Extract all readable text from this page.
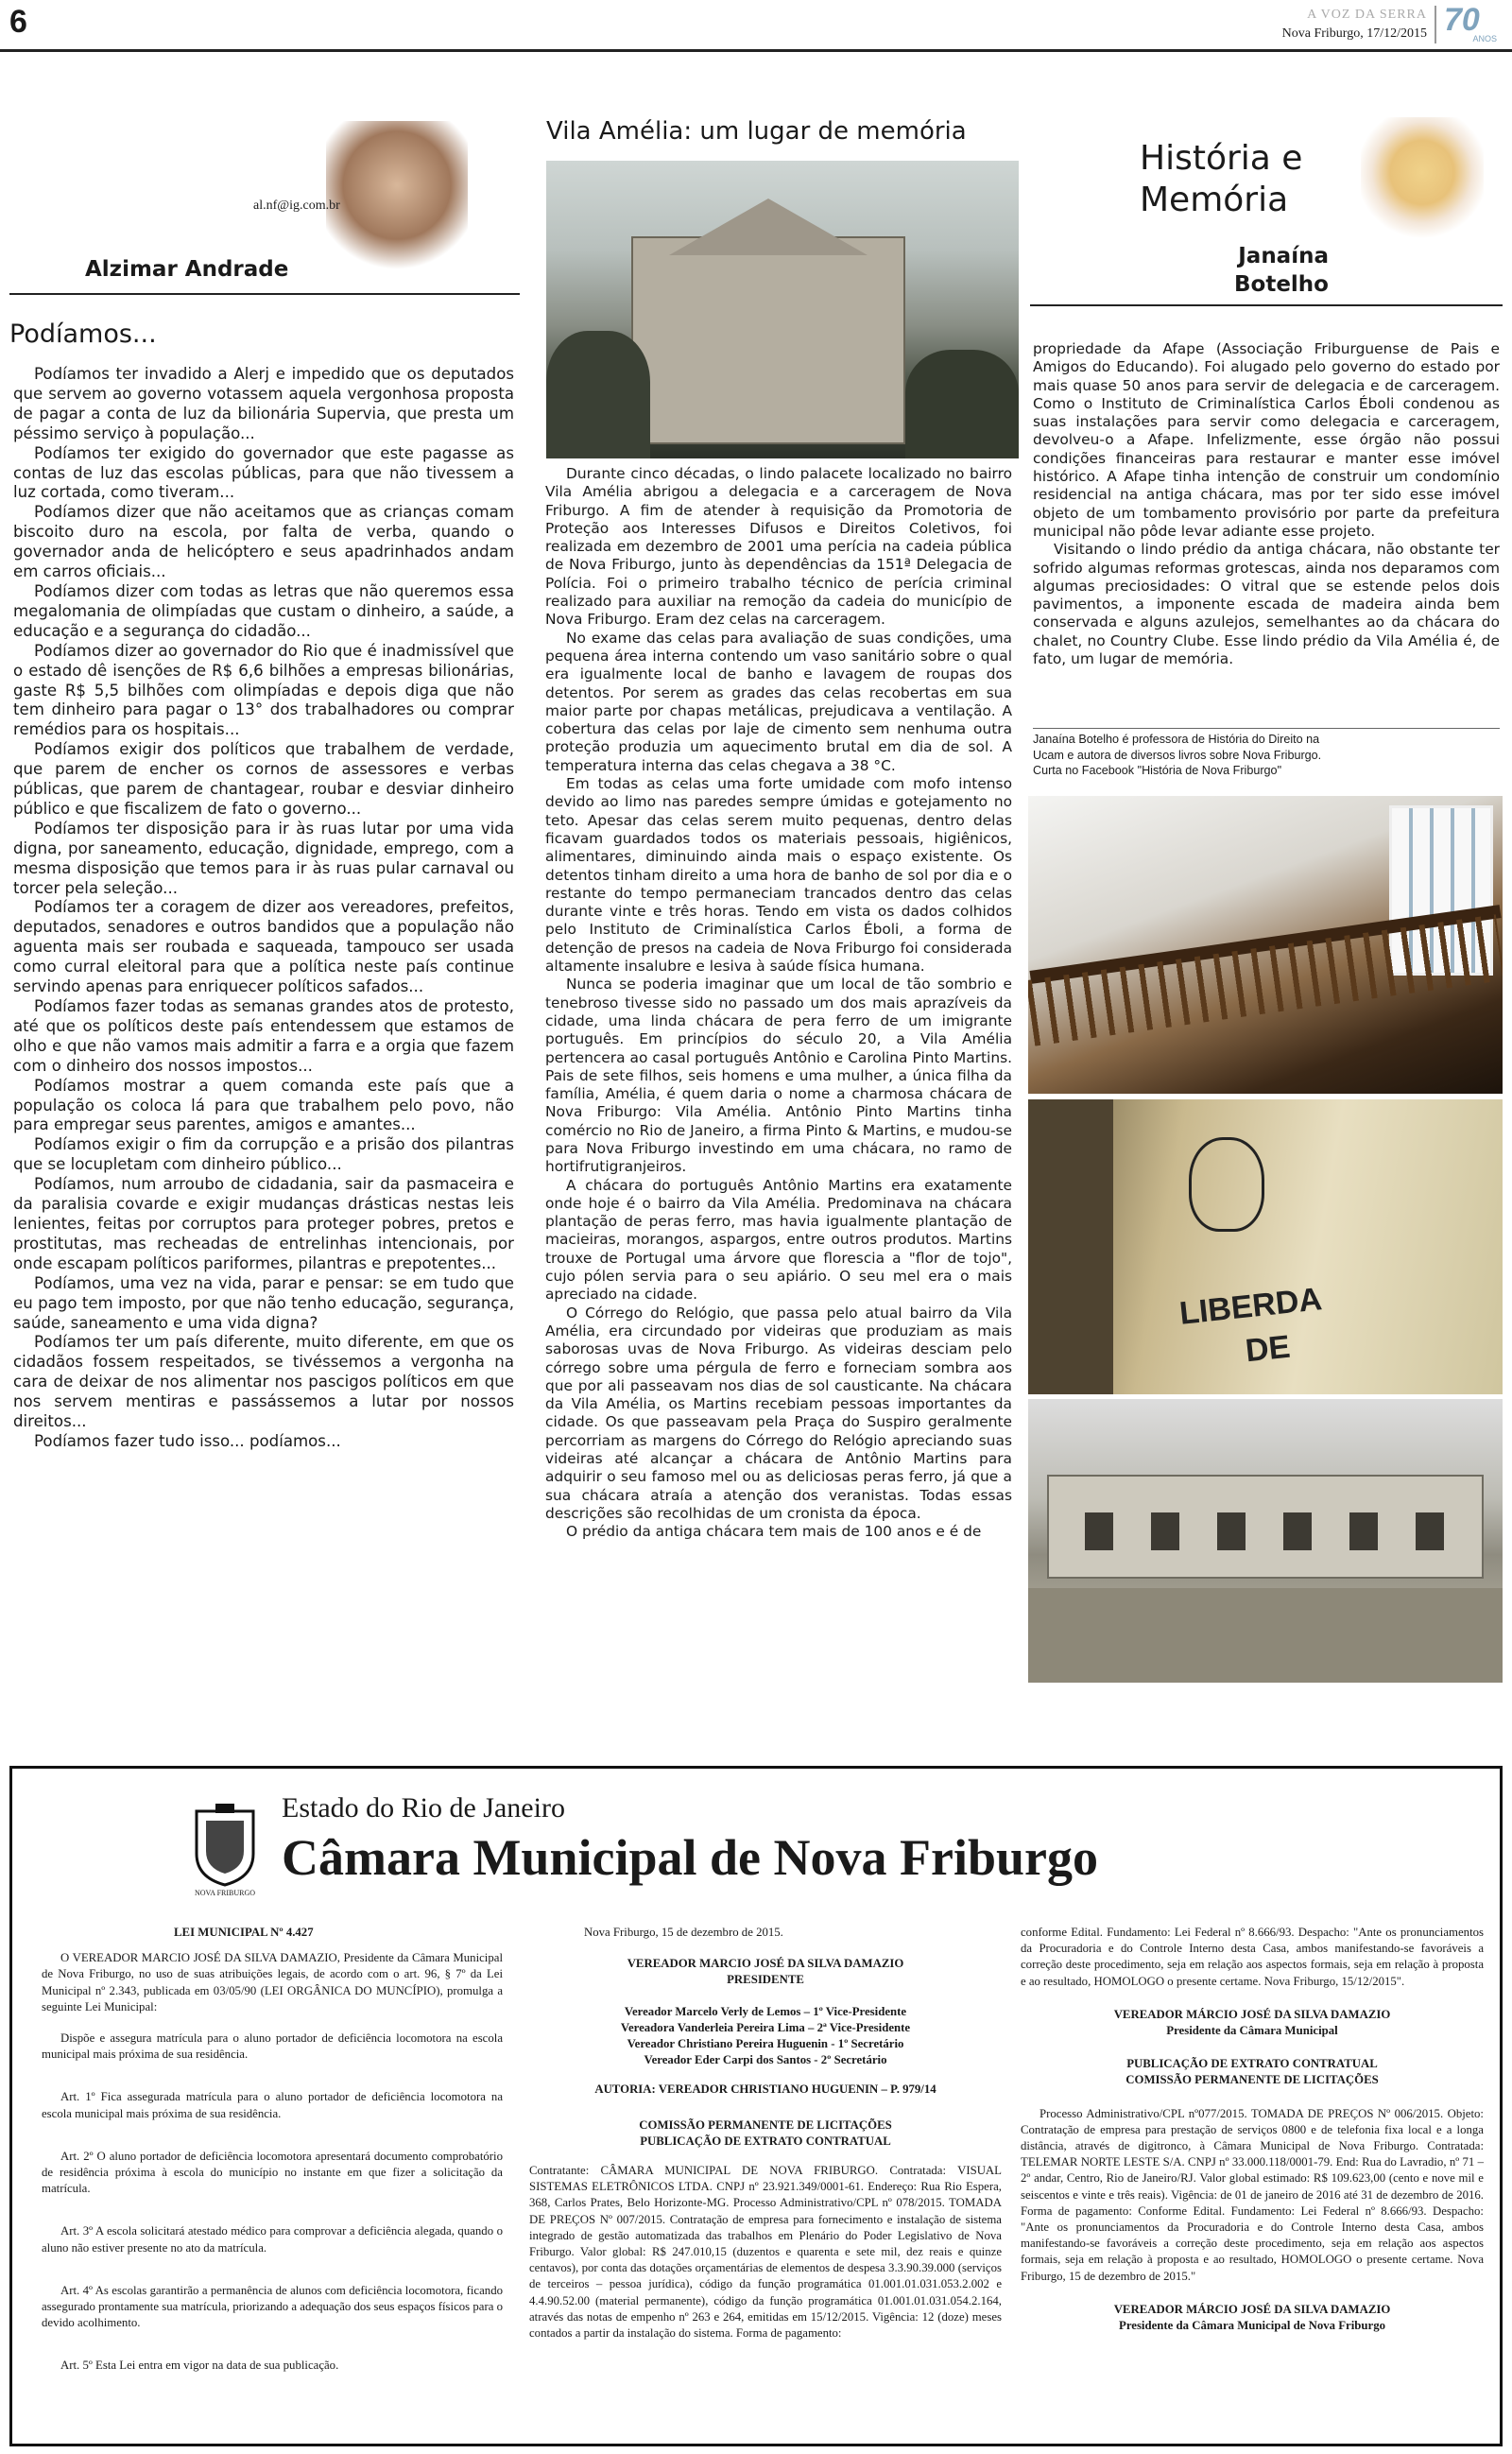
6	A VOZ DA SERRA
Nova Friburgo, 17/12/2015 70
ANOS
al.nf@ig.com.br
Alzimar Andrade
Podíamos...

Podíamos ter invadido a Alerj e impedido que os deputados que servem ao governo votassem aquela vergonhosa proposta de pagar a conta de luz da bilionária Supervia, que presta um péssimo serviço à população...

Podíamos ter exigido do governador que este pagasse as contas de luz das escolas públicas, para que não tivessem a luz cortada, como tiveram...

Podíamos dizer que não aceitamos que as crianças comam biscoito duro na escola, por falta de verba, quando o governador anda de helicóptero e seus apadrinhados andam em carros oficiais...

Podíamos dizer com todas as letras que não queremos essa megalomania de olimpíadas que custam o dinheiro, a saúde, a educação e a segurança do cidadão...

Podíamos dizer ao governador do Rio que é inadmissível que o estado dê isenções de R$ 6,6 bilhões a empresas bilionárias, gaste R$ 5,5 bilhões com olimpíadas e depois diga que não tem dinheiro para pagar o 13° dos trabalhadores ou comprar remédios para os hospitais...

Podíamos exigir dos políticos que trabalhem de verdade, que parem de encher os cornos de assessores e verbas públicas, que parem de chantagear, roubar e desviar dinheiro público e que fiscalizem de fato o governo...

Podíamos ter disposição para ir às ruas lutar por uma vida digna, por saneamento, educação, dignidade, emprego, com a mesma disposição que temos para ir às ruas pular carnaval ou torcer pela seleção...

Podíamos ter a coragem de dizer aos vereadores, prefeitos, deputados, senadores e outros bandidos que a população não aguenta mais ser roubada e saqueada, tampouco ser usada como curral eleitoral para que a política neste país continue servindo apenas para enriquecer políticos safados...

Podíamos fazer todas as semanas grandes atos de protesto, até que os políticos deste país entendessem que estamos de olho e que não vamos mais admitir a farra e a orgia que fazem com o dinheiro dos nossos impostos...

Podíamos mostrar a quem comanda este país que a população os coloca lá para que trabalhem pelo povo, não para empregar seus parentes, amigos e amantes...

Podíamos exigir o fim da corrupção e a prisão dos pilantras que se locupletam com dinheiro público...

Podíamos, num arroubo de cidadania, sair da pasmaceira e da paralisia covarde e exigir mudanças drásticas nestas leis lenientes, feitas por corruptos para proteger pobres, pretos e prostitutas, mas recheadas de entrelinhas intencionais, por onde escapam políticos pariformes, pilantras e prepotentes...

Podíamos, uma vez na vida, parar e pensar: se em tudo que eu pago tem imposto, por que não tenho educação, segurança, saúde, saneamento e uma vida digna?

Podíamos ter um país diferente, muito diferente, em que os cidadãos fossem respeitados, se tivéssemos a vergonha na cara de deixar de nos alimentar nos pascigos políticos em que nos servem mentiras e passássemos a lutar por nossos direitos...

Podíamos fazer tudo isso... podíamos...

Vila Amélia: um lugar de memória

Durante cinco décadas, o lindo palacete localizado no bairro Vila Amélia abrigou a delegacia e a carceragem de Nova Friburgo. A fim de atender à requisição da Promotoria de Proteção aos Interesses Difusos e Direitos Coletivos, foi realizada em dezembro de 2001 uma perícia na cadeia pública de Nova Friburgo, junto às dependências da 151ª Delegacia de Polícia. Foi o primeiro trabalho técnico de perícia criminal realizado para auxiliar na remoção da cadeia do município de Nova Friburgo. Eram dez celas na carceragem.

No exame das celas para avaliação de suas condições, uma pequena área interna contendo um vaso sanitário sobre o qual era igualmente local de banho e lavagem de roupas dos detentos. Por serem as grades das celas recobertas em sua maior parte por chapas metálicas, prejudicava a ventilação. A cobertura das celas por laje de cimento sem nenhuma outra proteção produzia um aquecimento brutal em dia de sol. A temperatura interna das celas chegava a 38 °C.

Em todas as celas uma forte umidade com mofo intenso devido ao limo nas paredes sempre úmidas e gotejamento no teto. Apesar das celas serem muito pequenas, dentro delas ficavam guardados todos os materiais pessoais, higiênicos, alimentares, diminuindo ainda mais o espaço existente. Os detentos tinham direito a uma hora de banho de sol por dia e o restante do tempo permaneciam trancados dentro das celas durante vinte e três horas. Tendo em vista os dados colhidos pelo Instituto de Criminalística Carlos Éboli, a forma de detenção de presos na cadeia de Nova Friburgo foi considerada altamente insalubre e lesiva à saúde física humana.

Nunca se poderia imaginar que um local de tão sombrio e tenebroso tivesse sido no passado um dos mais aprazíveis da cidade, uma linda chácara de pera ferro de um imigrante português. Em princípios do século 20, a Vila Amélia pertencera ao casal português Antônio e Carolina Pinto Martins. Pais de sete filhos, seis homens e uma mulher, a única filha da família, Amélia, é quem daria o nome a charmosa chácara de Nova Friburgo: Vila Amélia. Antônio Pinto Martins tinha comércio no Rio de Janeiro, a firma Pinto & Martins, e mudou-se para Nova Friburgo investindo em uma chácara, no ramo de hortifrutigranjeiros.

A chácara do português Antônio Martins era exatamente onde hoje é o bairro da Vila Amélia. Predominava na chácara plantação de peras ferro, mas havia igualmente plantação de macieiras, morangos, aspargos, entre outros produtos. Martins trouxe de Portugal uma árvore que florescia a "flor de tojo", cujo pólen servia para o seu apiário. O seu mel era o mais apreciado na cidade.

O Córrego do Relógio, que passa pelo atual bairro da Vila Amélia, era circundado por videiras que produziam as mais saborosas uvas de Nova Friburgo. As videiras desciam pelo córrego sobre uma pérgula de ferro e forneciam sombra aos que por ali passeavam nos dias de sol causticante. Na chácara da Vila Amélia, os Martins recebiam pessoas importantes da cidade. Os que passeavam pela Praça do Suspiro geralmente percorriam as margens do Córrego do Relógio apreciando suas videiras até alcançar a chácara de Antônio Martins para adquirir o seu famoso mel ou as deliciosas peras ferro, já que a sua chácara atraía a atenção dos veranistas. Todas essas descrições são recolhidas de um cronista da época.

O prédio da antiga chácara tem mais de 100 anos e é de

História e
Memória
Janaína
Botelho

propriedade da Afape (Associação Friburguense de Pais e Amigos do Educando). Foi alugado pelo governo do estado por mais quase 50 anos para servir de delegacia e de carceragem. Como o Instituto de Criminalística Carlos Éboli condenou as suas instalações para servir como delegacia e carceragem, devolveu-o a Afape. Infelizmente, esse órgão não possui condições financeiras para restaurar e manter esse imóvel histórico. A Afape tinha intenção de construir um condomínio residencial na antiga chácara, mas por ter sido esse imóvel objeto de um tombamento provisório por parte da prefeitura municipal não pôde levar adiante esse projeto.

Visitando o lindo prédio da antiga chácara, não obstante ter sofrido algumas reformas grotescas, ainda nos deparamos com algumas preciosidades: O vitral que se estende pelos dois pavimentos, a imponente escada de madeira ainda bem conservada e alguns azulejos, semelhantes ao da chácara do chalet, no Country Clube. Esse lindo prédio da Vila Amélia é, de fato, um lugar de memória.

Janaína Botelho é professora de História do Direito na
Ucam e autora de diversos livros sobre Nova Friburgo.
Curta no Facebook "História de Nova Friburgo"
LIBERDA
DE
NOVA FRIBURGO
Estado do Rio de Janeiro
Câmara Municipal de Nova Friburgo
LEI MUNICIPAL Nº 4.427

O VEREADOR MARCIO JOSÉ DA SILVA DAMAZIO, Presidente da Câmara Municipal de Nova Friburgo, no uso de suas atribuições legais, de acordo com o art. 96, § 7º da Lei Municipal nº 2.343, publicada em 03/05/90 (LEI ORGÂNICA DO MUNCÍPIO), promulga a seguinte Lei Municipal:

Dispõe e assegura matrícula para o aluno portador de deficiência locomotora na escola municipal mais próxima de sua residência.

Art. 1º Fica assegurada matrícula para o aluno portador de deficiência locomotora na escola municipal mais próxima de sua residência.

Art. 2º O aluno portador de deficiência locomotora apresentará documento comprobatório de residência próxima à escola do município no instante em que fizer a solicitação da matrícula.

Art. 3º A escola solicitará atestado médico para comprovar a deficiência alegada, quando o aluno não estiver presente no ato da matrícula.

Art. 4º As escolas garantirão a permanência de alunos com deficiência locomotora, ficando assegurado prontamente sua matrícula, priorizando a adequação dos seus espaços físicos para o devido acolhimento.

Art. 5º Esta Lei entra em vigor na data de sua publicação.

Nova Friburgo, 15 de dezembro de 2015.

VEREADOR MARCIO JOSÉ DA SILVA DAMAZIO
PRESIDENTE
Vereador Marcelo Verly de Lemos – 1º Vice-Presidente
Vereadora Vanderleia Pereira Lima – 2ª Vice-Presidente
Vereador Christiano Pereira Huguenin - 1º Secretário
Vereador Eder Carpi dos Santos - 2º Secretário
AUTORIA: VEREADOR CHRISTIANO HUGUENIN – P. 979/14
COMISSÃO PERMANENTE DE LICITAÇÕES
PUBLICAÇÃO DE EXTRATO CONTRATUAL

Contratante: CÂMARA MUNICIPAL DE NOVA FRIBURGO. Contratada: VISUAL SISTEMAS ELETRÔNICOS LTDA. CNPJ nº 23.921.349/0001-61. Endereço: Rua Rio Espera, 368, Carlos Prates, Belo Horizonte-MG. Processo Administrativo/CPL nº 078/2015. TOMADA DE PREÇOS Nº 007/2015. Contratação de empresa para fornecimento e instalação de sistema integrado de gestão automatizada das trabalhos em Plenário do Poder Legislativo de Nova Friburgo. Valor global: R$ 247.010,15 (duzentos e quarenta e sete mil, dez reais e quinze centavos), por conta das dotações orçamentárias de elementos de despesa 3.3.90.39.000 (serviços de terceiros – pessoa jurídica), código da função programática 01.001.01.031.053.2.002 e 4.4.90.52.00 (material permanente), código da função programática 01.001.01.031.054.2.164, através das notas de empenho nº 263 e 264, emitidas em 15/12/2015. Vigência: 12 (doze) meses contados a partir da instalação do sistema. Forma de pagamento:

conforme Edital. Fundamento: Lei Federal nº 8.666/93. Despacho: "Ante os pronunciamentos da Procuradoria e do Controle Interno desta Casa, ambos manifestando-se favoráveis a correção deste procedimento, seja em relação aos aspectos formais, seja em relação à proposta e ao resultado, HOMOLOGO o presente certame. Nova Friburgo, 15/12/2015".

VEREADOR MÁRCIO JOSÉ DA SILVA DAMAZIO
Presidente da Câmara Municipal
PUBLICAÇÃO DE EXTRATO CONTRATUAL
COMISSÃO PERMANENTE DE LICITAÇÕES

Processo Administrativo/CPL nº077/2015. TOMADA DE PREÇOS Nº 006/2015. Objeto: Contratação de empresa para prestação de serviços 0800 e de telefonia fixa local e a longa distância, através de digitronco, à Câmara Municipal de Nova Friburgo. Contratada: TELEMAR NORTE LESTE S/A. CNPJ nº 33.000.118/0001-79. End: Rua do Lavradio, nº 71 – 2º andar, Centro, Rio de Janeiro/RJ. Valor global estimado: R$ 109.623,00 (cento e nove mil e seiscentos e vinte e três reais). Vigência: de 01 de janeiro de 2016 até 31 de dezembro de 2016. Forma de pagamento: Conforme Edital. Fundamento: Lei Federal nº 8.666/93. Despacho: "Ante os pronunciamentos da Procuradoria e do Controle Interno desta Casa, ambos manifestando-se favoráveis a correção deste procedimento, seja em relação aos aspectos formais, seja em relação à proposta e ao resultado, HOMOLOGO o presente certame. Nova Friburgo, 15 de dezembro de 2015."

VEREADOR MÁRCIO JOSÉ DA SILVA DAMAZIO
Presidente da Câmara Municipal de Nova Friburgo
